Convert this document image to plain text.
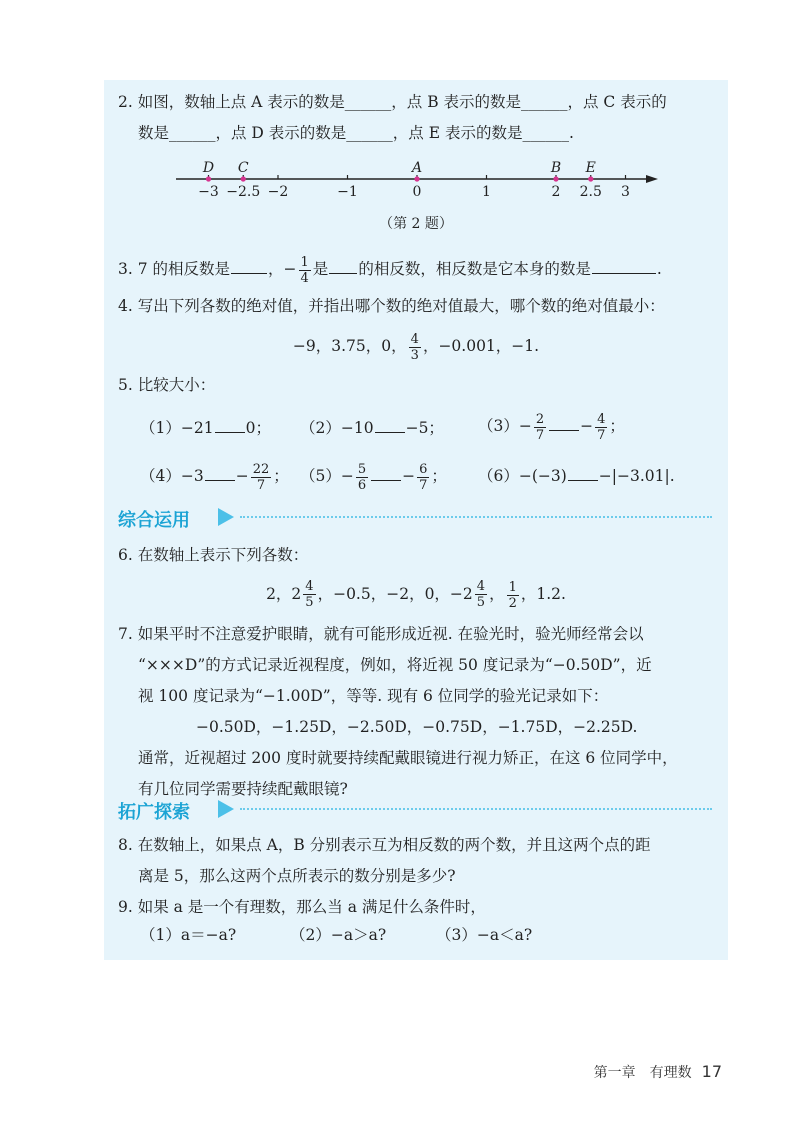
2. 如图，数轴上点 A 表示的数是______，点 B 表示的数是______，点 C 表示的
数是______，点 D 表示的数是______，点 E 表示的数是______.
−3 −2.5 −2	−1	0	1	2 2.5 3
D C	A	B E
（第 2 题）
3. 7 的相反数是 ，− $\frac{1}{4}$ 是 的相反数，相反数是它本身的数是	.
4. 写出下列各数的绝对值，并指出哪个数的绝对值最大，哪个数的绝对值最小：
−9，3.75，0， $\frac{4}{3}$ ，−0.001，−1.
5. 比较大小：
（1）−21 0； （2）−10 −5； $(3)- \frac{2}{7} - \frac{4}{7}$ ；
$(4)-3 - \frac{22}{7}$ ； $(5)- \frac{5}{6} - \frac{6}{7}$ ； （6）−(−3) −|−3.01|.
综合运用
6. 在数轴上表示下列各数：
2，$2 \frac{4}{5}$ ，−0.5，−2，0，$-2 \frac{4}{5}$ ， $\frac{1}{2}$ ，1.2.
7. 如果平时不注意爱护眼睛，就有可能形成近视. 在验光时，验光师经常会以
“×××D”的方式记录近视程度，例如，将近视 50 度记录为“−0.50D”，近
视 100 度记录为“−1.00D”，等等. 现有 6 位同学的验光记录如下：
−0.50D，−1.25D，−2.50D，−0.75D，−1.75D，−2.25D.
通常，近视超过 200 度时就要持续配戴眼镜进行视力矫正，在这 6 位同学中，
有几位同学需要持续配戴眼镜?
拓广探索
8. 在数轴上，如果点 A，B 分别表示互为相反数的两个数，并且这两个点的距
离是 5，那么这两个点所表示的数分别是多少?
9. 如果 a 是一个有理数，那么当 a 满足什么条件时，
（1）a＝−a?	（2）−a＞a?	（3）−a＜a?
第一章　有理数 17
